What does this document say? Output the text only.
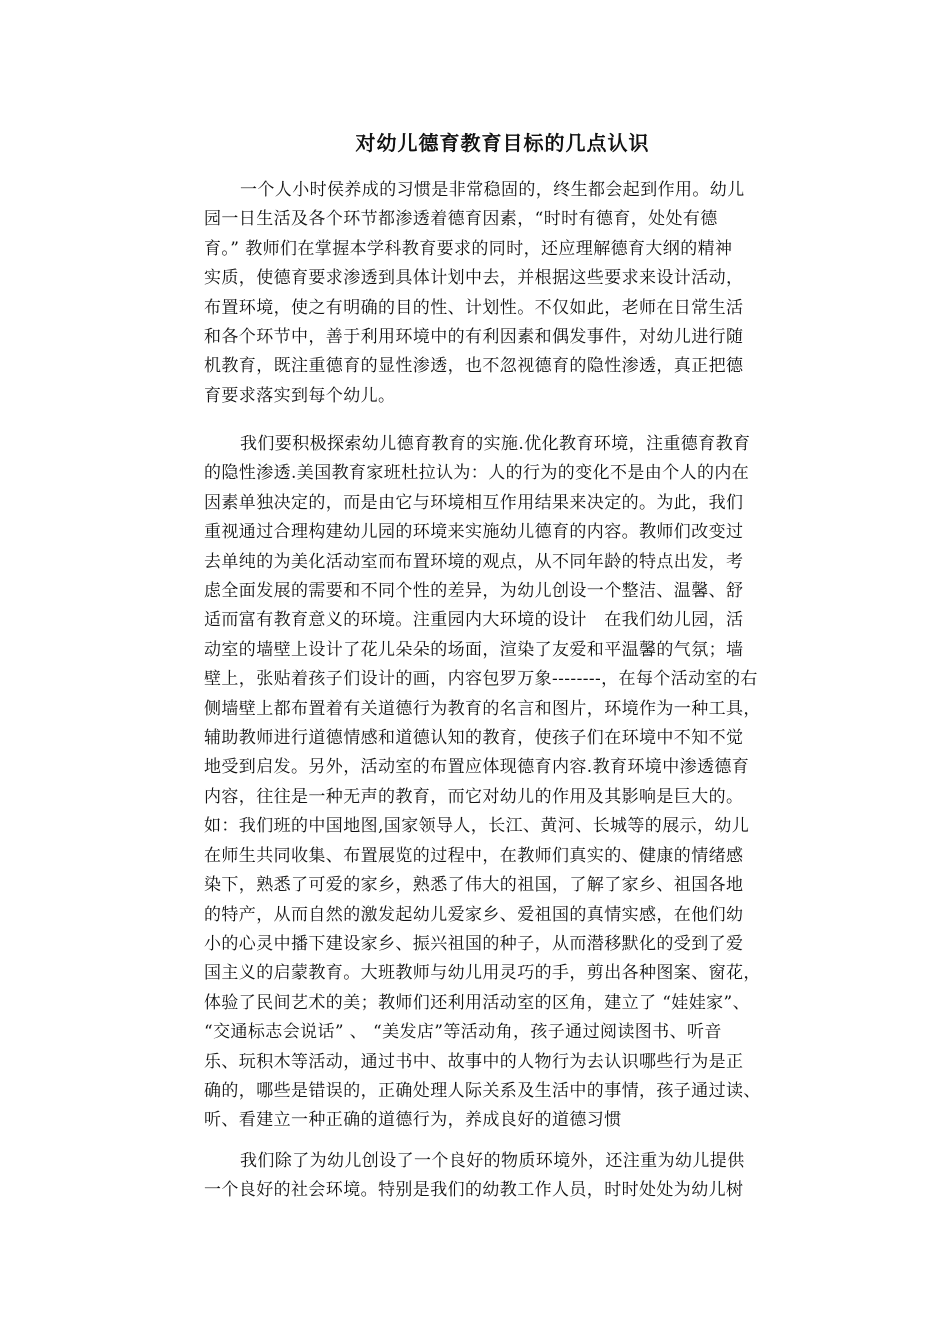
对幼儿德育教育目标的几点认识
一个人小时侯养成的习惯是非常稳固的，终生都会起到作用。幼儿
园一日生活及各个环节都渗透着德育因素，“时时有德育，处处有德
育。” 教师们在掌握本学科教育要求的同时，还应理解德育大纲的精神
实质，使德育要求渗透到具体计划中去，并根据这些要求来设计活动，
布置环境，使之有明确的目的性、计划性。不仅如此，老师在日常生活
和各个环节中，善于利用环境中的有利因素和偶发事件，对幼儿进行随
机教育，既注重德育的显性渗透，也不忽视德育的隐性渗透，真正把德
育要求落实到每个幼儿。
我们要积极探索幼儿德育教育的实施.优化教育环境，注重德育教育
的隐性渗透.美国教育家班杜拉认为：人的行为的变化不是由个人的内在
因素单独决定的，而是由它与环境相互作用结果来决定的。为此，我们
重视通过合理构建幼儿园的环境来实施幼儿德育的内容。教师们改变过
去单纯的为美化活动室而布置环境的观点，从不同年龄的特点出发，考
虑全面发展的需要和不同个性的差异，为幼儿创设一个整洁、温馨、舒
适而富有教育意义的环境。注重园内大环境的设计　在我们幼儿园，活
动室的墙壁上设计了花儿朵朵的场面，渲染了友爱和平温馨的气氛；墙
壁上，张贴着孩子们设计的画，内容包罗万象--------，在每个活动室的右
侧墙壁上都布置着有关道德行为教育的名言和图片，环境作为一种工具，
辅助教师进行道德情感和道德认知的教育，使孩子们在环境中不知不觉
地受到启发。另外，活动室的布置应体现德育内容.教育环境中渗透德育
内容，往往是一种无声的教育，而它对幼儿的作用及其影响是巨大的。
如：我们班的中国地图,国家领导人，长江、黄河、长城等的展示，幼儿
在师生共同收集、布置展览的过程中，在教师们真实的、健康的情绪感
染下，熟悉了可爱的家乡，熟悉了伟大的祖国，了解了家乡、祖国各地
的特产，从而自然的激发起幼儿爱家乡、爱祖国的真情实感，在他们幼
小的心灵中播下建设家乡、振兴祖国的种子，从而潜移默化的受到了爱
国主义的启蒙教育。大班教师与幼儿用灵巧的手，剪出各种图案、窗花，
体验了民间艺术的美；教师们还利用活动室的区角，建立了 “娃娃家”、
“交通标志会说话” 、 “美发店”等活动角，孩子通过阅读图书、听音
乐、玩积木等活动，通过书中、故事中的人物行为去认识哪些行为是正
确的，哪些是错误的，正确处理人际关系及生活中的事情，孩子通过读、
听、看建立一种正确的道德行为，养成良好的道德习惯
我们除了为幼儿创设了一个良好的物质环境外，还注重为幼儿提供
一个良好的社会环境。特别是我们的幼教工作人员，时时处处为幼儿树
